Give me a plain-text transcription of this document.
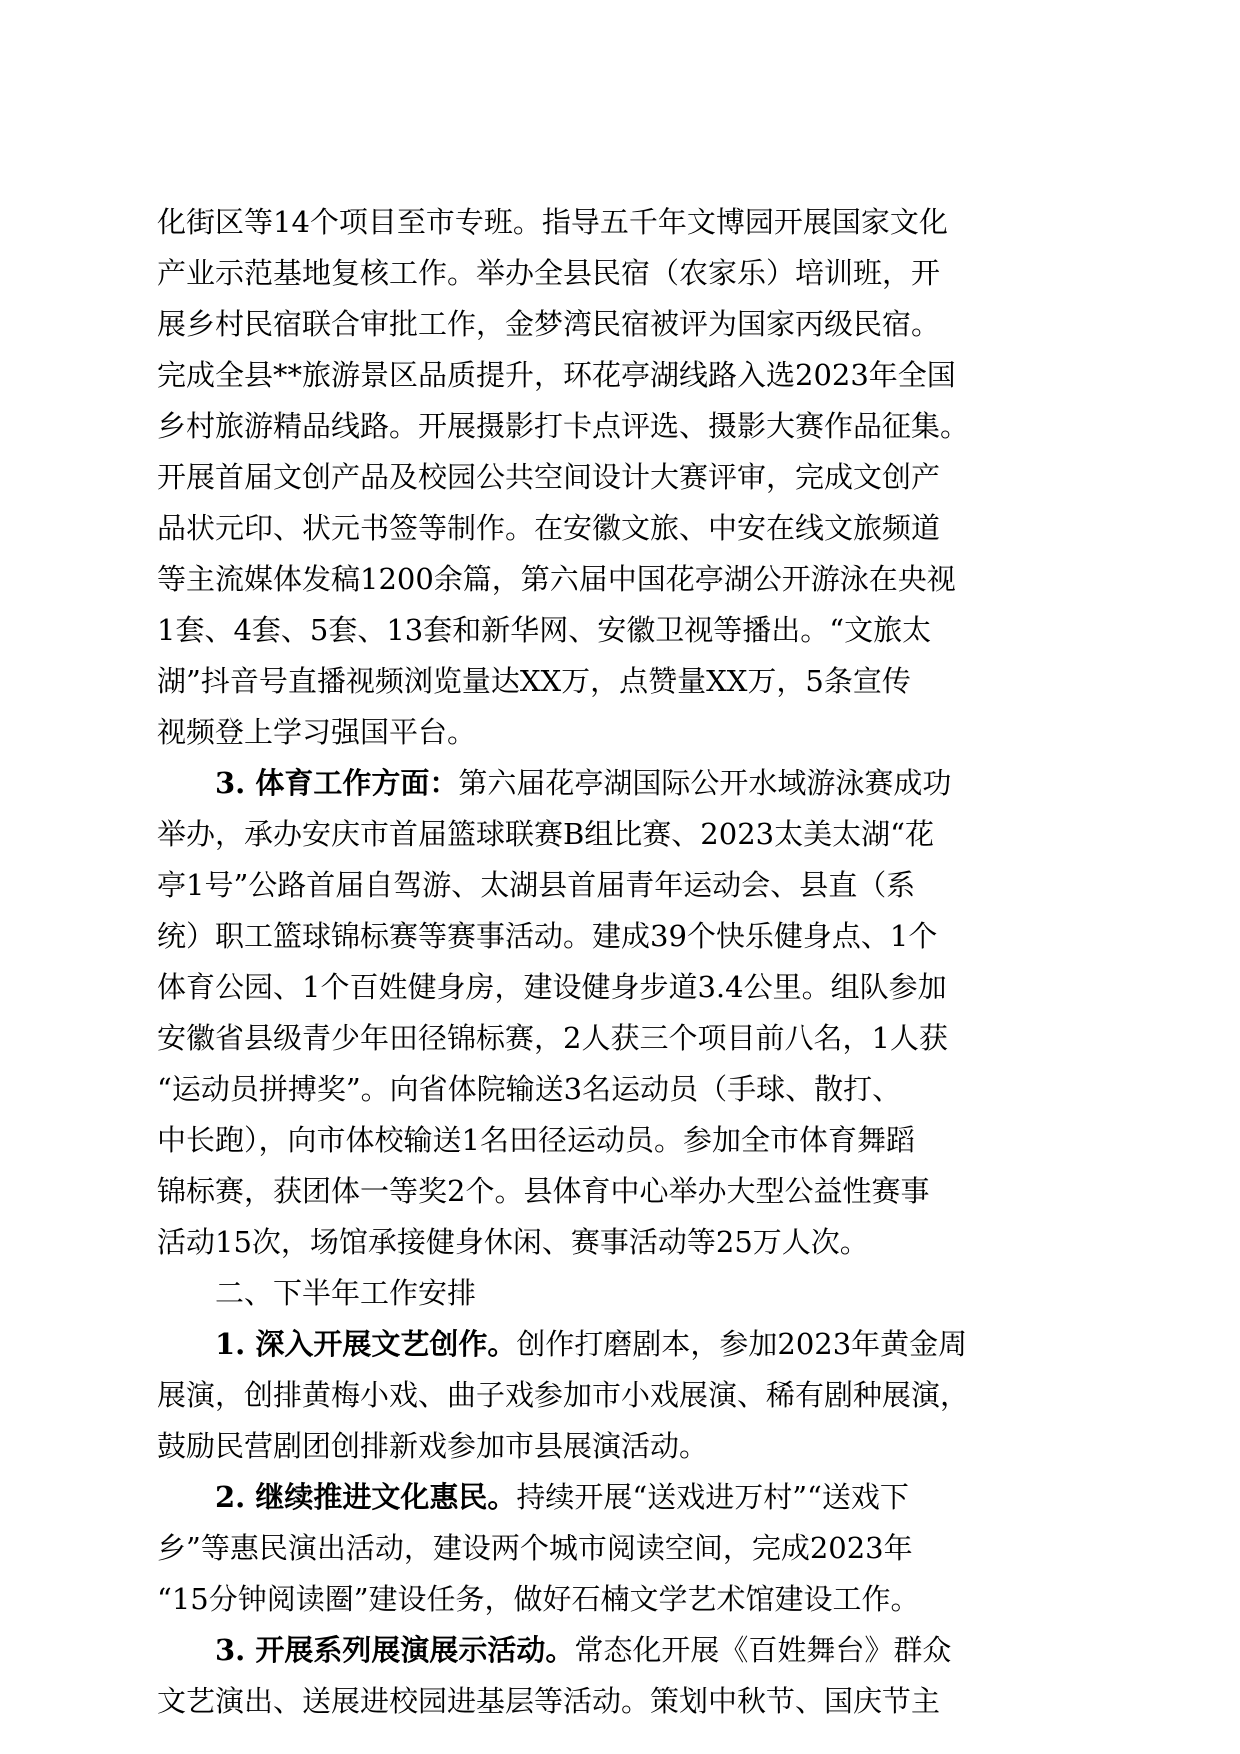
化街区等14个项目至市专班。指导五千年文博园开展国家文化
产业示范基地复核工作。举办全县民宿（农家乐）培训班，开
展乡村民宿联合审批工作，金梦湾民宿被评为国家丙级民宿。
完成全县**旅游景区品质提升，环花亭湖线路入选2023年全国
乡村旅游精品线路。开展摄影打卡点评选、摄影大赛作品征集。
开展首届文创产品及校园公共空间设计大赛评审，完成文创产
品状元印、状元书签等制作。在安徽文旅、中安在线文旅频道
等主流媒体发稿1200余篇，第六届中国花亭湖公开游泳在央视
1套、4套、5套、13套和新华网、安徽卫视等播出。“文旅太
湖”抖音号直播视频浏览量达XX万，点赞量XX万，5条宣传
视频登上学习强国平台。
3. 体育工作方面：第六届花亭湖国际公开水域游泳赛成功
举办，承办安庆市首届篮球联赛B组比赛、2023太美太湖“花
亭1号”公路首届自驾游、太湖县首届青年运动会、县直（系
统）职工篮球锦标赛等赛事活动。建成39个快乐健身点、1个
体育公园、1个百姓健身房，建设健身步道3.4公里。组队参加
安徽省县级青少年田径锦标赛，2人获三个项目前八名，1人获
“运动员拼搏奖”。向省体院输送3名运动员（手球、散打、
中长跑），向市体校输送1名田径运动员。参加全市体育舞蹈
锦标赛，获团体一等奖2个。县体育中心举办大型公益性赛事
活动15次，场馆承接健身休闲、赛事活动等25万人次。
二、下半年工作安排
1. 深入开展文艺创作。创作打磨剧本，参加2023年黄金周
展演，创排黄梅小戏、曲子戏参加市小戏展演、稀有剧种展演，
鼓励民营剧团创排新戏参加市县展演活动。
2. 继续推进文化惠民。持续开展“送戏进万村”“送戏下
乡”等惠民演出活动，建设两个城市阅读空间，完成2023年
“15分钟阅读圈”建设任务，做好石楠文学艺术馆建设工作。
3. 开展系列展演展示活动。常态化开展《百姓舞台》群众
文艺演出、送展进校园进基层等活动。策划中秋节、国庆节主
